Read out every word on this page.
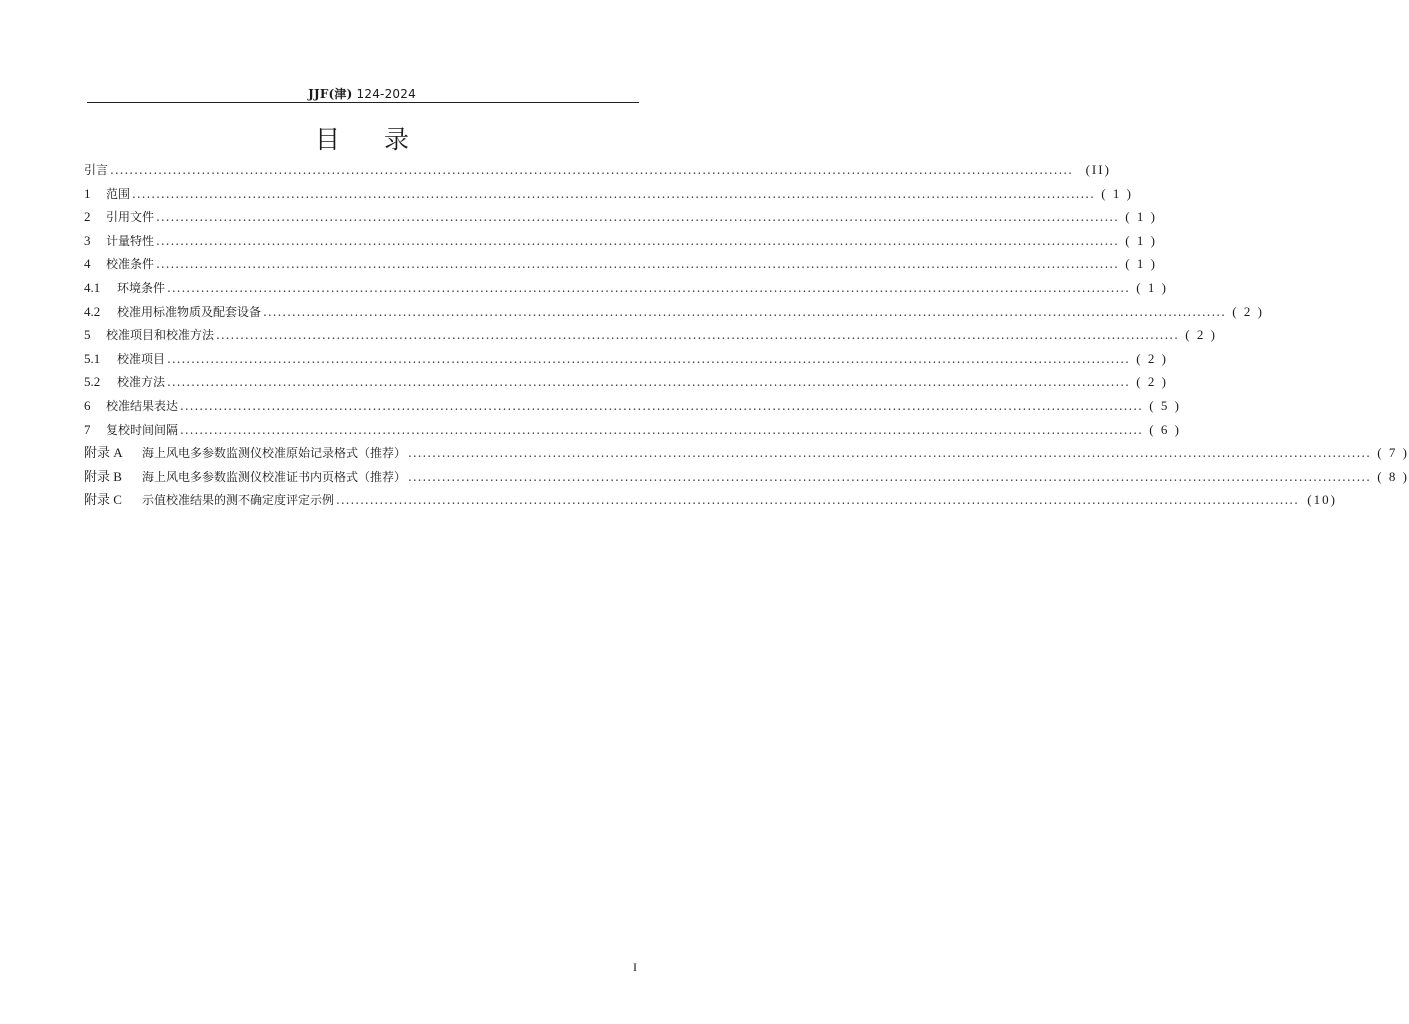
JJF(津) 124-2024
目录
引言 ........................................................................................................................................................................................................ (II)
1	范围 ........................................................................................................................................................................................................ ( 1 )
2	引用文件 ........................................................................................................................................................................................................ ( 1 )
3	计量特性 ........................................................................................................................................................................................................ ( 1 )
4	校准条件 ........................................................................................................................................................................................................ ( 1 )
4.1	环境条件 ........................................................................................................................................................................................................ ( 1 )
4.2	校准用标准物质及配套设备 ........................................................................................................................................................................................................ ( 2 )
5	校准项目和校准方法 ........................................................................................................................................................................................................ ( 2 )
5.1	校准项目 ........................................................................................................................................................................................................ ( 2 )
5.2	校准方法 ........................................................................................................................................................................................................ ( 2 )
6	校准结果表达 ........................................................................................................................................................................................................ ( 5 )
7	复校时间间隔 ........................................................................................................................................................................................................ ( 6 )
附录 A	海上风电多参数监测仪校准原始记录格式（推荐） ........................................................................................................................................................................................................ ( 7 )
附录 B	海上风电多参数监测仪校准证书内页格式（推荐） ........................................................................................................................................................................................................ ( 8 )
附录 C	示值校准结果的测不确定度评定示例 ........................................................................................................................................................................................................ (10)
I
